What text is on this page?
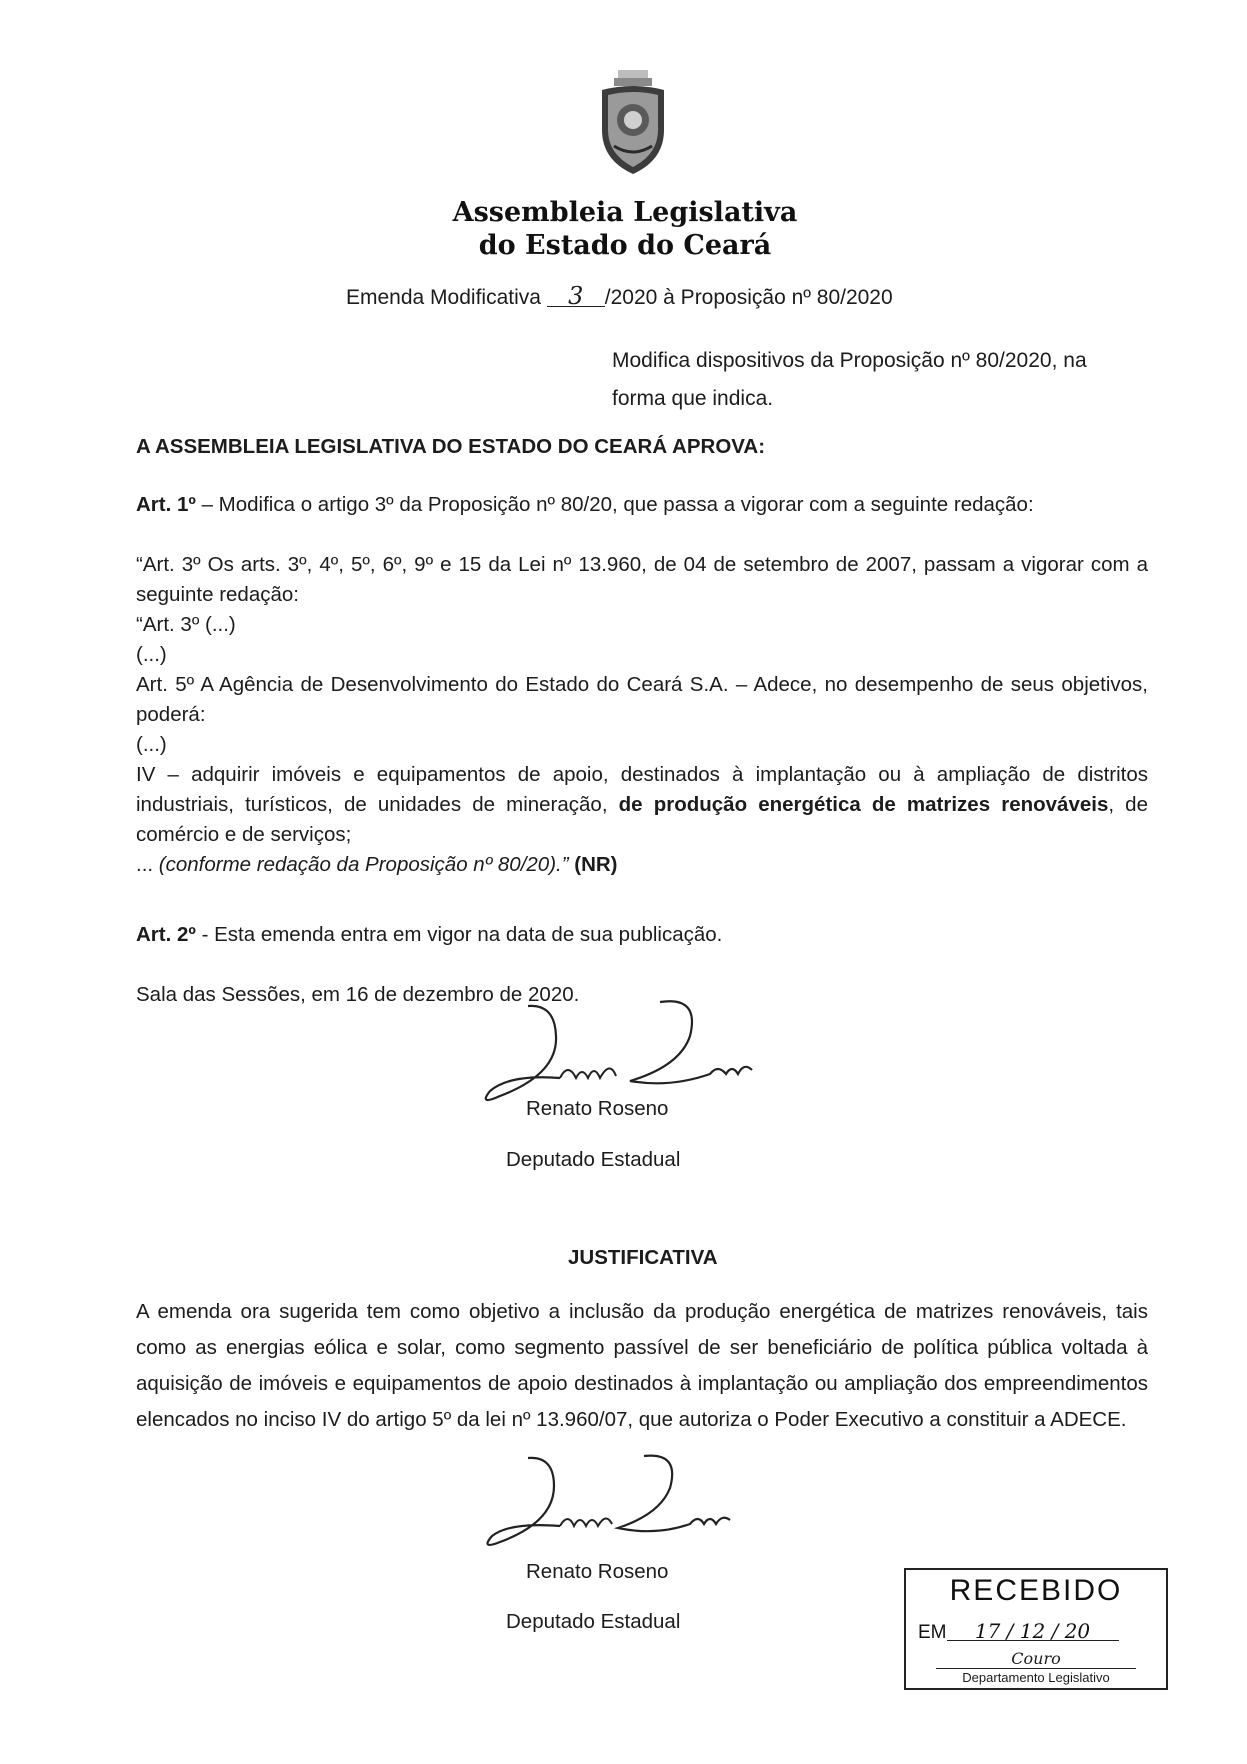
Assembleia Legislativa
do Estado do Ceará
Emenda Modificativa 3 /2020 à Proposição nº 80/2020
Modifica dispositivos da Proposição nº 80/2020, na
forma que indica.
A ASSEMBLEIA LEGISLATIVA DO ESTADO DO CEARÁ APROVA:
Art. 1º – Modifica o artigo 3º da Proposição nº 80/20, que passa a vigorar com a seguinte redação:

“Art. 3º Os arts. 3º, 4º, 5º, 6º, 9º e 15 da Lei nº 13.960, de 04 de setembro de 2007, passam a vigorar com a seguinte redação:

“Art. 3º (...)

(...)

Art. 5º A Agência de Desenvolvimento do Estado do Ceará S.A. – Adece, no desempenho de seus objetivos, poderá:

(...)

IV – adquirir imóveis e equipamentos de apoio, destinados à implantação ou à ampliação de distritos industriais, turísticos, de unidades de mineração, de produção energética de matrizes renováveis, de comércio e de serviços;

... (conforme redação da Proposição nº 80/20).” (NR)

Art. 2º - Esta emenda entra em vigor na data de sua publicação.
Sala das Sessões, em 16 de dezembro de 2020.
Renato Roseno
Deputado Estadual
JUSTIFICATIVA
A emenda ora sugerida tem como objetivo a inclusão da produção energética de matrizes renováveis, tais como as energias eólica e solar, como segmento passível de ser beneficiário de política pública voltada à aquisição de imóveis e equipamentos de apoio destinados à implantação ou ampliação dos empreendimentos elencados no inciso IV do artigo 5º da lei nº 13.960/07, que autoriza o Poder Executivo a constituir a ADECE.
Renato Roseno
Deputado Estadual
RECEBIDO
EM 17 / 12 / 20
Couro
Departamento Legislativo
